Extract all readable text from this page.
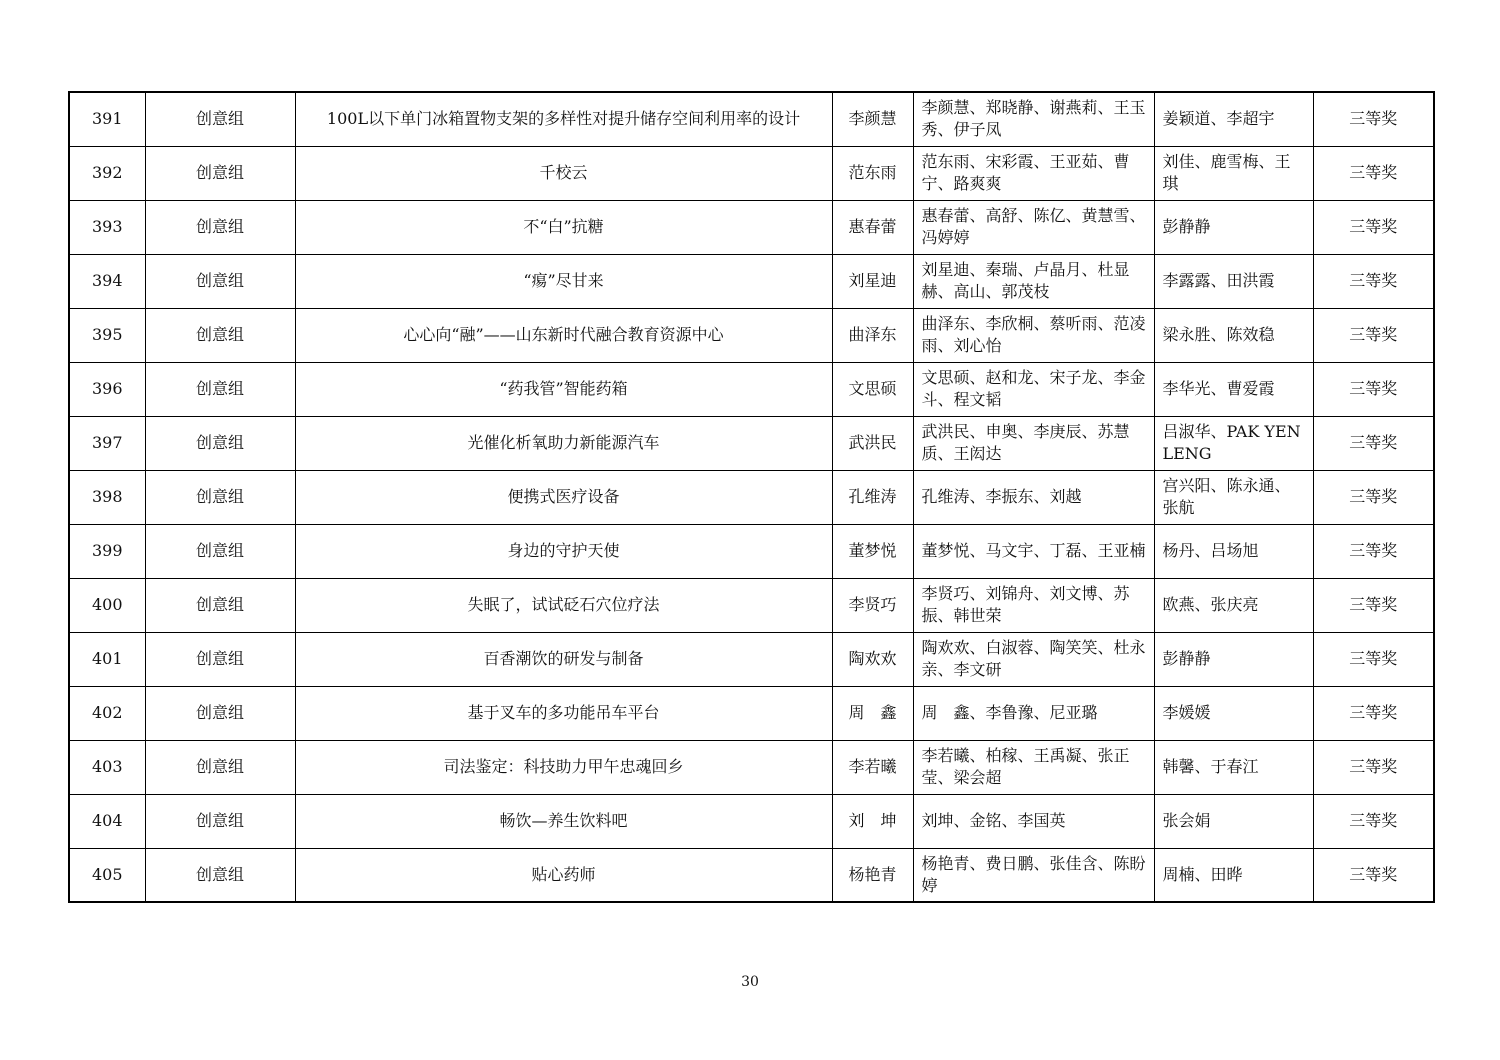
391	创意组	100L以下单门冰箱置物支架的多样性对提升储存空间利用率的设计	李颜慧	李颜慧、郑晓静、谢燕莉、王玉秀、伊子凤	姜颖道、李超宇	三等奖
392	创意组	千校云	范东雨	范东雨、宋彩霞、王亚茹、曹宁、路爽爽	刘佳、鹿雪梅、王琪	三等奖
393	创意组	不“白”抗糖	惠春蕾	惠春蕾、高舒、陈亿、黄慧雪、冯婷婷	彭静静	三等奖
394	创意组	“痬”尽甘来	刘星迪	刘星迪、秦瑞、卢晶月、杜显赫、高山、郭茂枝	李露露、田洪霞	三等奖
395	创意组	心心向“融”——山东新时代融合教育资源中心	曲泽东	曲泽东、李欣桐、蔡听雨、范凌雨、刘心怡	梁永胜、陈效稳	三等奖
396	创意组	“药我管”智能药箱	文思硕	文思硕、赵和龙、宋子龙、李金斗、程文韬	李华光、曹爱霞	三等奖
397	创意组	光催化析氧助力新能源汽车	武洪民	武洪民、申奥、李庚辰、苏慧质、王闳达	吕淑华、PAK YEN LENG	三等奖
398	创意组	便携式医疗设备	孔维涛	孔维涛、李振东、刘越	宫兴阳、陈永通、张航	三等奖
399	创意组	身边的守护天使	董梦悦	董梦悦、马文宇、丁磊、王亚楠	杨丹、吕场旭	三等奖
400	创意组	失眠了，试试砭石穴位疗法	李贤巧	李贤巧、刘锦舟、刘文博、苏振、韩世荣	欧燕、张庆亮	三等奖
401	创意组	百香潮饮的研发与制备	陶欢欢	陶欢欢、白淑蓉、陶笑笑、杜永亲、李文研	彭静静	三等奖
402	创意组	基于叉车的多功能吊车平台	周　鑫	周　鑫、李鲁豫、尼亚璐	李媛媛	三等奖
403	创意组	司法鉴定：科技助力甲午忠魂回乡	李若曦	李若曦、柏稼、王禹凝、张正莹、梁会超	韩馨、于春江	三等奖
404	创意组	畅饮—养生饮料吧	刘　坤	刘坤、金铭、李国英	张会娟	三等奖
405	创意组	贴心药师	杨艳青	杨艳青、费日鹏、张佳含、陈盼婷	周楠、田晔	三等奖
30
